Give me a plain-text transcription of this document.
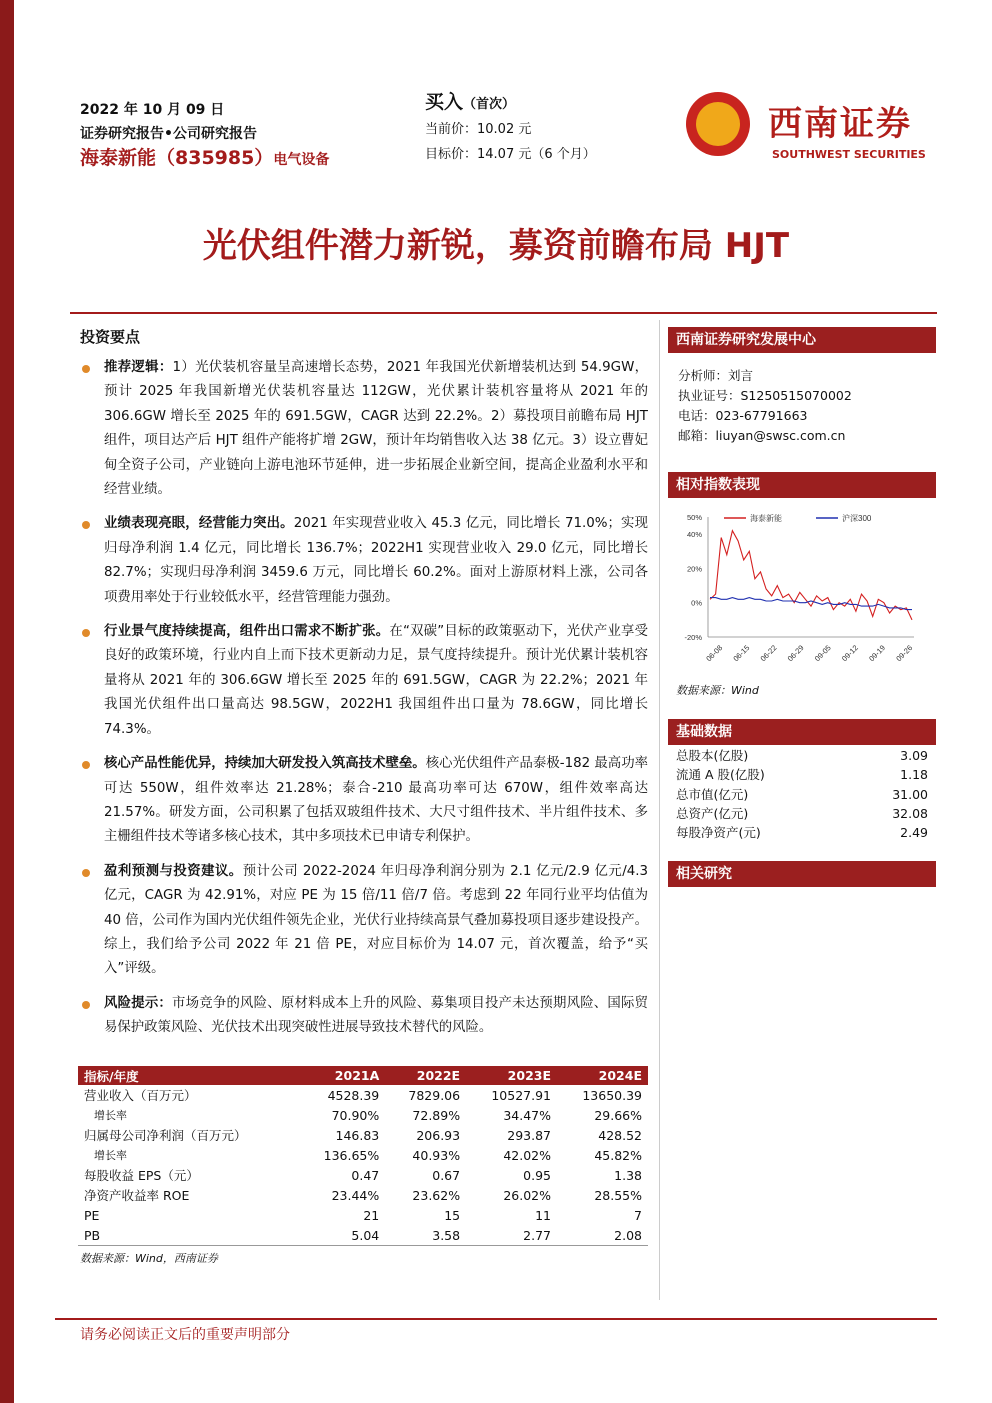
2022 年 10 月 09 日
证券研究报告•公司研究报告
海泰新能（835985）电气设备
买入（首次）
当前价：10.02 元
目标价：14.07 元（6 个月）
西南证券
SOUTHWEST SECURITIES
光伏组件潜力新锐，募资前瞻布局 HJT
投资要点
推荐逻辑：1）光伏装机容量呈高速增长态势，2021 年我国光伏新增装机达到 54.9GW，预计 2025 年我国新增光伏装机容量达 112GW，光伏累计装机容量将从 2021 年的 306.6GW 增长至 2025 年的 691.5GW，CAGR 达到 22.2%。2）募投项目前瞻布局 HJT 组件，项目达产后 HJT 组件产能将扩增 2GW，预计年均销售收入达 38 亿元。3）设立曹妃甸全资子公司，产业链向上游电池环节延伸，进一步拓展企业新空间，提高企业盈利水平和经营业绩。
业绩表现亮眼，经营能力突出。2021 年实现营业收入 45.3 亿元，同比增长 71.0%；实现归母净利润 1.4 亿元，同比增长 136.7%；2022H1 实现营业收入 29.0 亿元，同比增长 82.7%；实现归母净利润 3459.6 万元，同比增长 60.2%。面对上游原材料上涨，公司各项费用率处于行业较低水平，经营管理能力强劲。
行业景气度持续提高，组件出口需求不断扩张。在“双碳”目标的政策驱动下，光伏产业享受良好的政策环境，行业内自上而下技术更新动力足，景气度持续提升。预计光伏累计装机容量将从 2021 年的 306.6GW 增长至 2025 年的 691.5GW，CAGR 为 22.2%；2021 年我国光伏组件出口量高达 98.5GW，2022H1 我国组件出口量为 78.6GW，同比增长 74.3%。
核心产品性能优异，持续加大研发投入筑高技术壁垒。核心光伏组件产品泰极-182 最高功率可达 550W，组件效率达 21.28%；泰合-210 最高功率可达 670W，组件效率高达 21.57%。研发方面，公司积累了包括双玻组件技术、大尺寸组件技术、半片组件技术、多主栅组件技术等诸多核心技术，其中多项技术已申请专利保护。
盈利预测与投资建议。预计公司 2022-2024 年归母净利润分别为 2.1 亿元/2.9 亿元/4.3 亿元，CAGR 为 42.91%，对应 PE 为 15 倍/11 倍/7 倍。考虑到 22 年同行业平均估值为 40 倍，公司作为国内光伏组件领先企业，光伏行业持续高景气叠加募投项目逐步建设投产。综上，我们给予公司 2022 年 21 倍 PE，对应目标价为 14.07 元，首次覆盖，给予“买入”评级。
风险提示：市场竞争的风险、原材料成本上升的风险、募集项目投产未达预期风险、国际贸易保护政策风险、光伏技术出现突破性进展导致技术替代的风险。
西南证券研究发展中心
分析师：刘言
执业证号：S1250515070002
电话：023-67791663
邮箱：liuyan@swsc.com.cn
相对指数表现
50%
40%
20%
0%
-20%
06-08 06-15 06-22 06-29 09-05 09-12 09-19 09-26
海泰新能	沪深300
数据来源：Wind
基础数据
总股本(亿股)	3.09
流通 A 股(亿股)	1.18
总市值(亿元)	31.00
总资产(亿元)	32.08
每股净资产(元)	2.49
相关研究
指标/年度	2021A	2022E	2023E	2024E
营业收入（百万元）	4528.39	7829.06	10527.91	13650.39
增长率	70.90%	72.89%	34.47%	29.66%
归属母公司净利润（百万元）	146.83	206.93	293.87	428.52
增长率	136.65%	40.93%	42.02%	45.82%
每股收益 EPS（元）	0.47	0.67	0.95	1.38
净资产收益率 ROE	23.44%	23.62%	26.02%	28.55%
PE	21	15	11	7
PB	5.04	3.58	2.77	2.08
数据来源：Wind，西南证券
请务必阅读正文后的重要声明部分
